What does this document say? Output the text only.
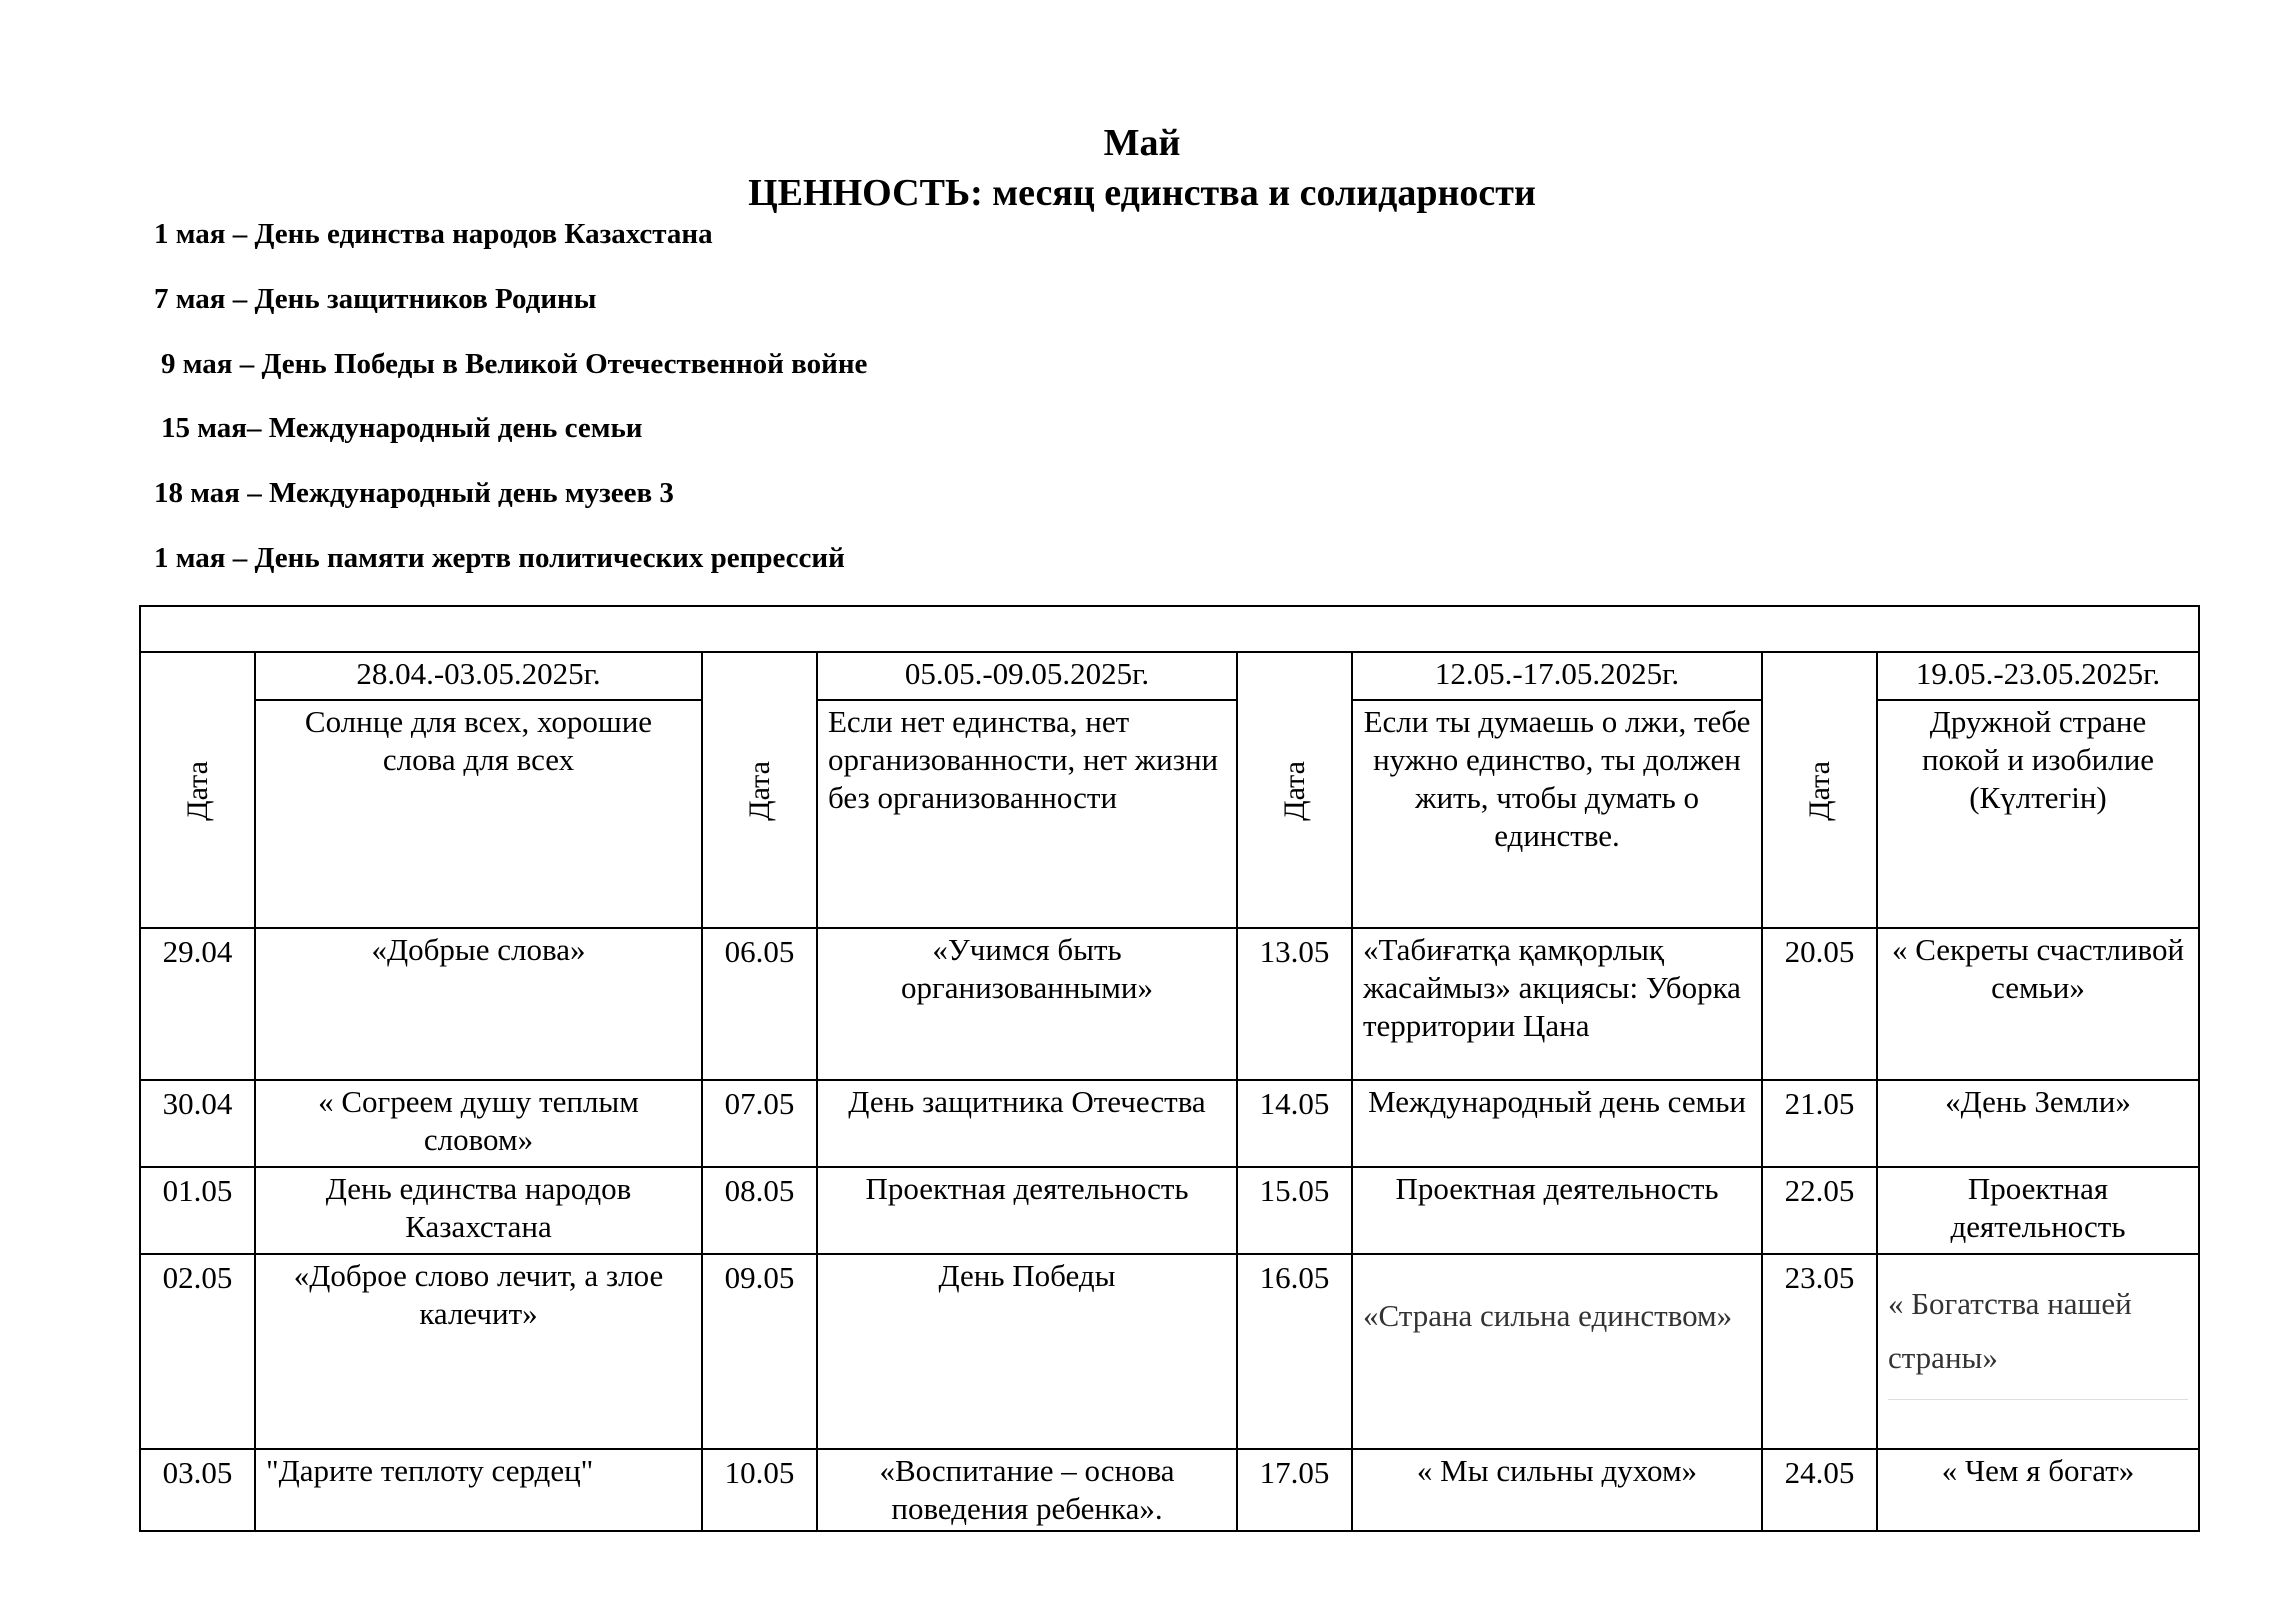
Май
ЦЕННОСТЬ: месяц единства и солидарности
1 мая – День единства народов Казахстана
7 мая – День защитников Родины
9 мая – День Победы в Великой Отечественной войне
15 мая– Международный день семьи
18 мая – Международный день музеев 3
1 мая – День памяти жертв политических репрессий

Дата	28.04.-03.05.2025г.	Дата	05.05.-09.05.2025г.	Дата	12.05.-17.05.2025г.	Дата	19.05.-23.05.2025г.
	Солнце для всех, хорошие слова для всех		Если нет единства, нет организованности, нет жизни без организованности		Если ты думаешь о лжи, тебе нужно единство, ты должен жить, чтобы думать о единстве.		Дружной стране покой и изобилие (Күлтегін)
29.04	«Добрые слова»	06.05	«Учимся быть организованными»	13.05	«Табиғатқа қамқорлық жасаймыз» акциясы: Уборка территории Цана	20.05	« Секреты счастливой семьи»
30.04	« Согреем душу теплым словом»	07.05	День защитника Отечества	14.05	Международный день семьи	21.05	«День Земли»
01.05	День единства народов Казахстана	08.05	Проектная деятельность	15.05	Проектная деятельность	22.05	Проектная деятельность
02.05	«Доброе слово лечит, а злое калечит»	09.05	День Победы	16.05	«Страна сильна единством»	23.05	« Богатства нашей страны»

03.05	"Дарите теплоту сердец"	10.05	«Воспитание – основа поведения ребенка».	17.05	« Мы сильны духом»	24.05	« Чем я богат»
